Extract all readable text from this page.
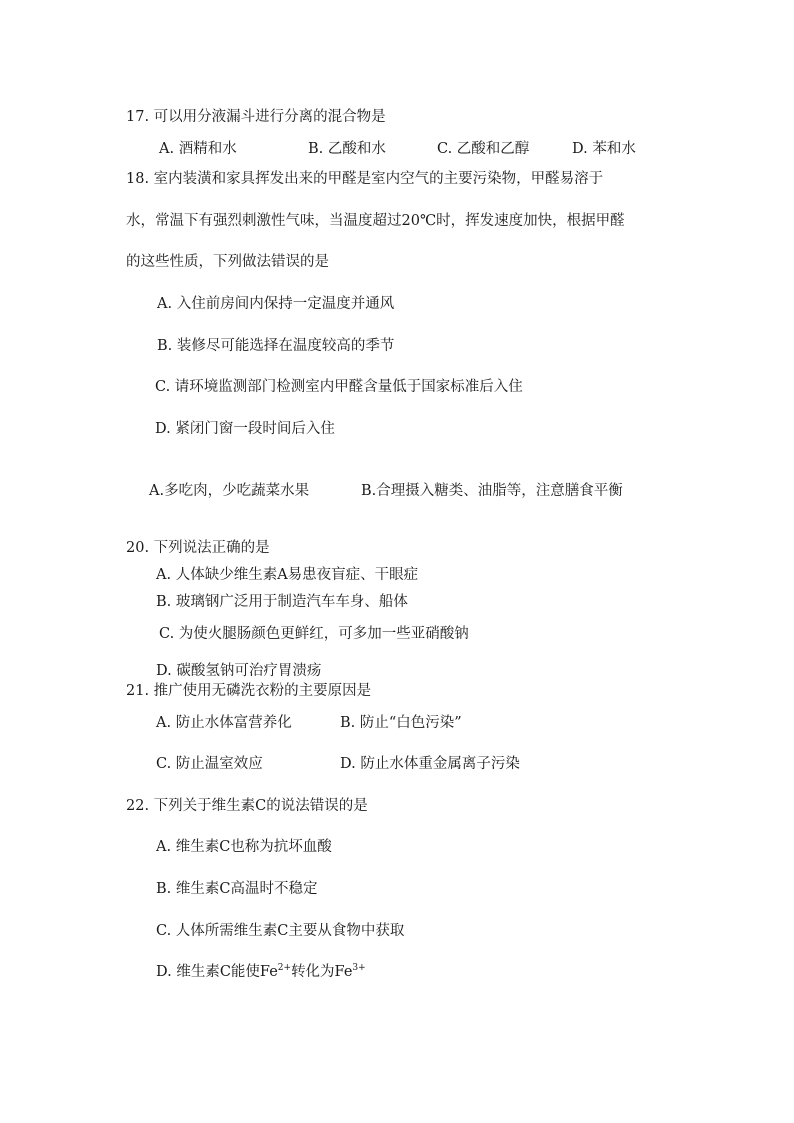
17. 可以用分液漏斗进行分离的混合物是
A. 酒精和水	B. 乙酸和水	C. 乙酸和乙醇	D. 苯和水
18. 室内装潢和家具挥发出来的甲醛是室内空气的主要污染物，甲醛易溶于
水，常温下有强烈刺激性气味，当温度超过20℃时，挥发速度加快，根据甲醛
的这些性质，下列做法错误的是
A. 入住前房间内保持一定温度并通风
B. 装修尽可能选择在温度较高的季节
C. 请环境监测部门检测室内甲醛含量低于国家标准后入住
D. 紧闭门窗一段时间后入住
A.多吃肉，少吃蔬菜水果	B.合理摄入糖类、油脂等，注意膳食平衡
20. 下列说法正确的是
A. 人体缺少维生素A易患夜盲症、干眼症
B. 玻璃钢广泛用于制造汽车车身、船体
C. 为使火腿肠颜色更鲜红，可多加一些亚硝酸钠
D. 碳酸氢钠可治疗胃溃疡
21. 推广使用无磷洗衣粉的主要原因是
A. 防止水体富营养化	B. 防止“白色污染”
C. 防止温室效应	D. 防止水体重金属离子污染
22. 下列关于维生素C的说法错误的是
A. 维生素C也称为抗坏血酸
B. 维生素C高温时不稳定
C. 人体所需维生素C主要从食物中获取
D. 维生素C能使$Fe^{2+}$转化为$Fe^{3+}$
